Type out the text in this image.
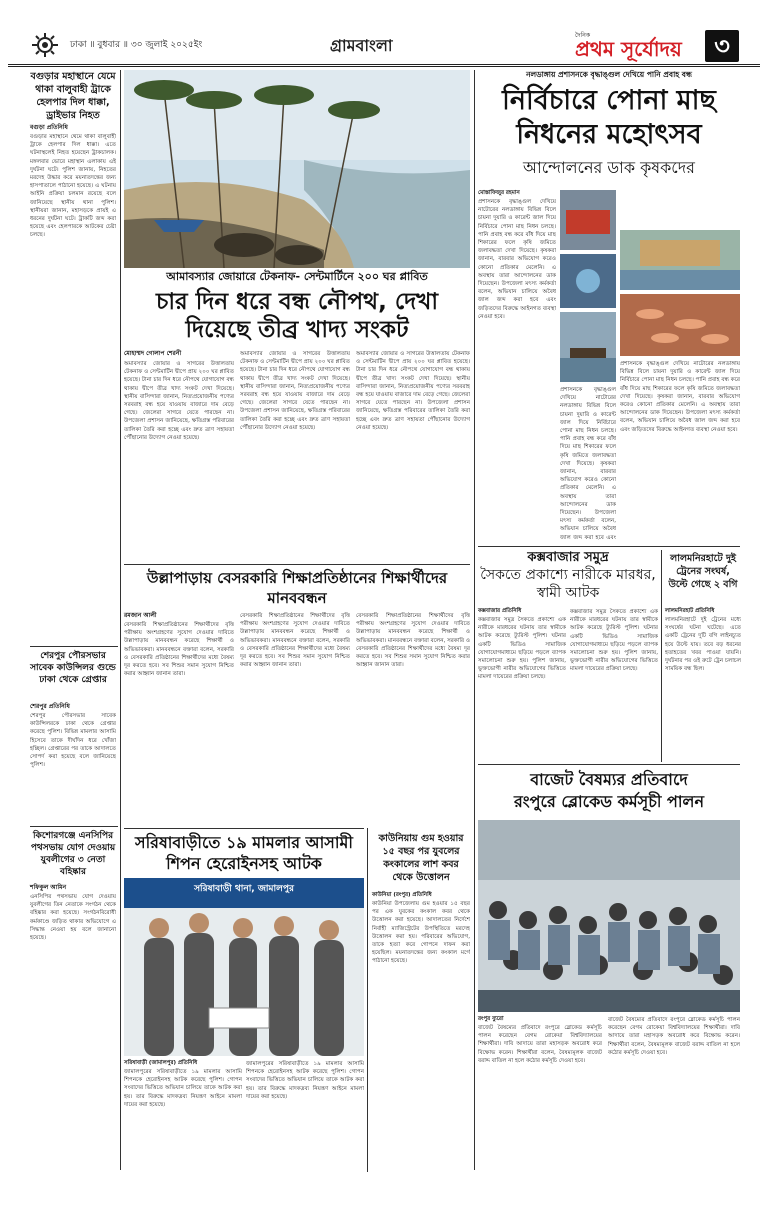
ঢাকা ॥ বুধবার ॥ ৩০ জুলাই ২০২৫ইং	গ্রামবাংলা
দৈনিক
প্রথম সূর্যোদয়	৩
বগুড়ার মহাস্থানে যেমে থাকা বালুবাহী ট্রাকে হেলপার দিল ধাক্কা, ড্রাইভার নিহত
বগুড়া প্রতিনিধি
বগুড়ার মহাস্থানে থেমে থাকা বালুবাহী ট্রাকে হেলপার দিল ধাক্কা। এতে ঘটনাস্থলেই নিহত হয়েছেন ট্রাকচালক। মঙ্গলবার ভোরে মহাস্থান এলাকায় এই দুর্ঘটনা ঘটে। পুলিশ জানায়, নিহতের মরদেহ উদ্ধার করে ময়নাতদন্তের জন্য হাসপাতালে পাঠানো হয়েছে। এ ঘটনায় আইনি প্রক্রিয়া চলমান রয়েছে বলে জানিয়েছে স্থানীয় থানা পুলিশ। স্থানীয়রা জানান, মহাসড়কে প্রায়ই এ ধরনের দুর্ঘটনা ঘটে। ট্রাকটি জব্দ করা হয়েছে এবং হেলপারকে আটকের চেষ্টা চলছে।
শেরপুর পৌরসভার সাবেক কাউন্সিলর গুন্ডে ঢাকা থেকে গ্রেপ্তার
শেরপুর প্রতিনিধি
শেরপুর পৌরসভার সাবেক কাউন্সিলরকে ঢাকা থেকে গ্রেপ্তার করেছে পুলিশ। বিভিন্ন মামলার আসামি হিসেবে তাকে দীর্ঘদিন ধরে খোঁজা হচ্ছিল। গ্রেপ্তারের পর তাকে আদালতে সোপর্দ করা হয়েছে বলে জানিয়েছে পুলিশ।
কিশোরগঞ্জে এনসিপির পথসভায় যোগ দেওয়ায় যুবলীগের ৩ নেতা বহিষ্কার
শফিকুল আমিন
এনসিপির পথসভায় যোগ দেওয়ায় যুবলীগের তিন নেতাকে সংগঠন থেকে বহিষ্কার করা হয়েছে। সংগঠনবিরোধী কর্মকাণ্ডে জড়িত থাকার অভিযোগে এ সিদ্ধান্ত নেওয়া হয় বলে জানানো হয়েছে।
আমাবস্যার জোয়ারে টেকনাফ- সেন্টমার্টিনে ২০০ ঘর প্লাবিত
চার দিন ধরে বন্ধ নৌপথ, দেখা দিয়েছে তীব্র খাদ্য সংকট
মোহাম্মদ গোলাপ শেরনী
অমাবস্যার জোয়ার ও সাগরের উত্তালতায় টেকনাফ ও সেন্টমার্টিন দ্বীপে প্রায় ২০০ ঘর প্লাবিত হয়েছে। টানা চার দিন ধরে নৌপথে যোগাযোগ বন্ধ থাকায় দ্বীপে তীব্র খাদ্য সংকট দেখা দিয়েছে। স্থানীয় বাসিন্দারা জানান, নিত্যপ্রয়োজনীয় পণ্যের সরবরাহ বন্ধ হয়ে যাওয়ায় বাজারে দাম বেড়ে গেছে। জেলেরা সাগরে যেতে পারছেন না। উপজেলা প্রশাসন জানিয়েছে, ক্ষতিগ্রস্ত পরিবারের তালিকা তৈরি করা হচ্ছে এবং দ্রুত ত্রাণ সহায়তা পৌঁছানোর উদ্যোগ নেওয়া হয়েছে।
অমাবস্যার জোয়ার ও সাগরের উত্তালতায় টেকনাফ ও সেন্টমার্টিন দ্বীপে প্রায় ২০০ ঘর প্লাবিত হয়েছে। টানা চার দিন ধরে নৌপথে যোগাযোগ বন্ধ থাকায় দ্বীপে তীব্র খাদ্য সংকট দেখা দিয়েছে। স্থানীয় বাসিন্দারা জানান, নিত্যপ্রয়োজনীয় পণ্যের সরবরাহ বন্ধ হয়ে যাওয়ায় বাজারে দাম বেড়ে গেছে। জেলেরা সাগরে যেতে পারছেন না। উপজেলা প্রশাসন জানিয়েছে, ক্ষতিগ্রস্ত পরিবারের তালিকা তৈরি করা হচ্ছে এবং দ্রুত ত্রাণ সহায়তা পৌঁছানোর উদ্যোগ নেওয়া হয়েছে।
অমাবস্যার জোয়ার ও সাগরের উত্তালতায় টেকনাফ ও সেন্টমার্টিন দ্বীপে প্রায় ২০০ ঘর প্লাবিত হয়েছে। টানা চার দিন ধরে নৌপথে যোগাযোগ বন্ধ থাকায় দ্বীপে তীব্র খাদ্য সংকট দেখা দিয়েছে। স্থানীয় বাসিন্দারা জানান, নিত্যপ্রয়োজনীয় পণ্যের সরবরাহ বন্ধ হয়ে যাওয়ায় বাজারে দাম বেড়ে গেছে। জেলেরা সাগরে যেতে পারছেন না। উপজেলা প্রশাসন জানিয়েছে, ক্ষতিগ্রস্ত পরিবারের তালিকা তৈরি করা হচ্ছে এবং দ্রুত ত্রাণ সহায়তা পৌঁছানোর উদ্যোগ নেওয়া হয়েছে।
উল্লাপাড়ায় বেসরকারি শিক্ষাপ্রতিষ্ঠানের শিক্ষার্থীদের মানববন্ধন
রমজান আলী
বেসরকারি শিক্ষাপ্রতিষ্ঠানের শিক্ষার্থীদের বৃত্তি পরীক্ষায় অংশগ্রহণের সুযোগ দেওয়ার দাবিতে উল্লাপাড়ায় মানববন্ধন করেছে শিক্ষার্থী ও অভিভাবকরা। মানববন্ধনে বক্তারা বলেন, সরকারি ও বেসরকারি প্রতিষ্ঠানের শিক্ষার্থীদের মধ্যে বৈষম্য দূর করতে হবে। সব শিশুর সমান সুযোগ নিশ্চিত করার আহ্বান জানান তারা।
বেসরকারি শিক্ষাপ্রতিষ্ঠানের শিক্ষার্থীদের বৃত্তি পরীক্ষায় অংশগ্রহণের সুযোগ দেওয়ার দাবিতে উল্লাপাড়ায় মানববন্ধন করেছে শিক্ষার্থী ও অভিভাবকরা। মানববন্ধনে বক্তারা বলেন, সরকারি ও বেসরকারি প্রতিষ্ঠানের শিক্ষার্থীদের মধ্যে বৈষম্য দূর করতে হবে। সব শিশুর সমান সুযোগ নিশ্চিত করার আহ্বান জানান তারা।
বেসরকারি শিক্ষাপ্রতিষ্ঠানের শিক্ষার্থীদের বৃত্তি পরীক্ষায় অংশগ্রহণের সুযোগ দেওয়ার দাবিতে উল্লাপাড়ায় মানববন্ধন করেছে শিক্ষার্থী ও অভিভাবকরা। মানববন্ধনে বক্তারা বলেন, সরকারি ও বেসরকারি প্রতিষ্ঠানের শিক্ষার্থীদের মধ্যে বৈষম্য দূর করতে হবে। সব শিশুর সমান সুযোগ নিশ্চিত করার আহ্বান জানান তারা।
সরিষাবাড়ীতে ১৯ মামলার আসামী শিপন হেরোইনসহ আটক
সরিষাবাড়ী থানা, জামালপুর
সরিষাবাড়ী (জামালপুর) প্রতিনিধি
জামালপুরের সরিষাবাড়ীতে ১৯ মামলার আসামি শিপনকে হেরোইনসহ আটক করেছে পুলিশ। গোপন সংবাদের ভিত্তিতে অভিযান চালিয়ে তাকে আটক করা হয়। তার বিরুদ্ধে মাদকদ্রব্য নিয়ন্ত্রণ আইনে মামলা দায়ের করা হয়েছে।
জামালপুরের সরিষাবাড়ীতে ১৯ মামলার আসামি শিপনকে হেরোইনসহ আটক করেছে পুলিশ। গোপন সংবাদের ভিত্তিতে অভিযান চালিয়ে তাকে আটক করা হয়। তার বিরুদ্ধে মাদকদ্রব্য নিয়ন্ত্রণ আইনে মামলা দায়ের করা হয়েছে।
কাউনিয়ায় গুম হওয়ার ১৫ বছর পর যুবলের কংকালের লাশ কবর থেকে উত্তোলন
কাউনিয়া (রংপুর) প্রতিনিধি
কাউনিয়া উপজেলায় গুম হওয়ার ১৫ বছর পর এক যুবকের কংকাল কবর থেকে উত্তোলন করা হয়েছে। আদালতের নির্দেশে নির্বাহী ম্যাজিস্ট্রেটের উপস্থিতিতে মরদেহ উত্তোলন করা হয়। পরিবারের অভিযোগ, তাকে হত্যা করে গোপনে দাফন করা হয়েছিল। ময়নাতদন্তের জন্য কংকাল মর্গে পাঠানো হয়েছে।
নলডাঙ্গায় প্রশাসনকে বৃদ্ধাঙ্গুল দেখিয়ে পানি প্রবাহ বন্ধ
নির্বিচারে পোনা মাছ নিধনের মহোৎসব
আন্দোলনের ডাক কৃষকদের
মোস্তাফিজুর রহমান
প্রশাসনকে বৃদ্ধাঙ্গুল দেখিয়ে নাটোরের নলডাঙ্গায় বিভিন্ন বিলে চায়না দুয়ারি ও কারেন্ট জাল দিয়ে নির্বিচারে পোনা মাছ নিধন চলছে। পানি প্রবাহ বন্ধ করে বাঁধ দিয়ে মাছ শিকারের ফলে কৃষি জমিতে জলাবদ্ধতা দেখা দিয়েছে। কৃষকরা জানান, বারবার অভিযোগ করেও কোনো প্রতিকার মেলেনি। এ অবস্থায় তারা আন্দোলনের ডাক দিয়েছেন। উপজেলা মৎস্য কর্মকর্তা বলেন, অভিযান চালিয়ে অবৈধ জাল জব্দ করা হবে এবং জড়িতদের বিরুদ্ধে আইনগত ব্যবস্থা নেওয়া হবে।
প্রশাসনকে বৃদ্ধাঙ্গুল দেখিয়ে নাটোরের নলডাঙ্গায় বিভিন্ন বিলে চায়না দুয়ারি ও কারেন্ট জাল দিয়ে নির্বিচারে পোনা মাছ নিধন চলছে। পানি প্রবাহ বন্ধ করে বাঁধ দিয়ে মাছ শিকারের ফলে কৃষি জমিতে জলাবদ্ধতা দেখা দিয়েছে। কৃষকরা জানান, বারবার অভিযোগ করেও কোনো প্রতিকার মেলেনি। এ অবস্থায় তারা আন্দোলনের ডাক দিয়েছেন। উপজেলা মৎস্য কর্মকর্তা বলেন, অভিযান চালিয়ে অবৈধ জাল জব্দ করা হবে এবং
প্রশাসনকে বৃদ্ধাঙ্গুল দেখিয়ে নাটোরের নলডাঙ্গায় বিভিন্ন বিলে চায়না দুয়ারি ও কারেন্ট জাল দিয়ে নির্বিচারে পোনা মাছ নিধন চলছে। পানি প্রবাহ বন্ধ করে বাঁধ দিয়ে মাছ শিকারের ফলে কৃষি জমিতে জলাবদ্ধতা দেখা দিয়েছে। কৃষকরা জানান, বারবার অভিযোগ করেও কোনো প্রতিকার মেলেনি। এ অবস্থায় তারা আন্দোলনের ডাক দিয়েছেন। উপজেলা মৎস্য কর্মকর্তা বলেন, অভিযান চালিয়ে অবৈধ জাল জব্দ করা হবে এবং জড়িতদের বিরুদ্ধে আইনগত ব্যবস্থা নেওয়া হবে।
কক্সবাজার সমুদ্র
সৈকতে প্রকাশ্যে নারীকে মারধর, স্বামী আটক
কক্সবাজার প্রতিনিধি
কক্সবাজার সমুদ্র সৈকতে প্রকাশ্যে এক নারীকে মারধরের ঘটনায় তার স্বামীকে আটক করেছে ট্যুরিস্ট পুলিশ। ঘটনার একটি ভিডিও সামাজিক যোগাযোগমাধ্যমে ছড়িয়ে পড়লে ব্যাপক সমালোচনা শুরু হয়। পুলিশ জানায়, ভুক্তভোগী নারীর অভিযোগের ভিত্তিতে মামলা দায়েরের প্রক্রিয়া চলছে।
কক্সবাজার সমুদ্র সৈকতে প্রকাশ্যে এক নারীকে মারধরের ঘটনায় তার স্বামীকে আটক করেছে ট্যুরিস্ট পুলিশ। ঘটনার একটি ভিডিও সামাজিক যোগাযোগমাধ্যমে ছড়িয়ে পড়লে ব্যাপক সমালোচনা শুরু হয়। পুলিশ জানায়, ভুক্তভোগী নারীর অভিযোগের ভিত্তিতে মামলা দায়েরের প্রক্রিয়া চলছে।
লালমনিরহাটে দুই ট্রেনের সংঘর্ষ, উল্টে গেছে ২ বগি
লালমনিরহাট প্রতিনিধি
লালমনিরহাটে দুই ট্রেনের মধ্যে সংঘর্ষের ঘটনা ঘটেছে। এতে একটি ট্রেনের দুটি বগি লাইনচ্যুত হয়ে উল্টে যায়। তবে বড় ধরনের হতাহতের খবর পাওয়া যায়নি। দুর্ঘটনার পর ওই রুটে ট্রেন চলাচল সাময়িক বন্ধ ছিল।
বাজেট বৈষম্যর প্রতিবাদে
রংপুরে ব্লোকেড কর্মসূচী পালন
রংপুর ব্যুরো
বাজেট বৈষম্যের প্রতিবাদে রংপুরে ব্লোকেড কর্মসূচি পালন করেছেন বেগম রোকেয়া বিশ্ববিদ্যালয়ের শিক্ষার্থীরা। দাবি আদায়ে তারা মহাসড়ক অবরোধ করে বিক্ষোভ করেন। শিক্ষার্থীরা বলেন, বৈষম্যমূলক বাজেট বরাদ্দ বাতিল না হলে কঠোর কর্মসূচি দেওয়া হবে।
বাজেট বৈষম্যের প্রতিবাদে রংপুরে ব্লোকেড কর্মসূচি পালন করেছেন বেগম রোকেয়া বিশ্ববিদ্যালয়ের শিক্ষার্থীরা। দাবি আদায়ে তারা মহাসড়ক অবরোধ করে বিক্ষোভ করেন। শিক্ষার্থীরা বলেন, বৈষম্যমূলক বাজেট বরাদ্দ বাতিল না হলে কঠোর কর্মসূচি দেওয়া হবে।
